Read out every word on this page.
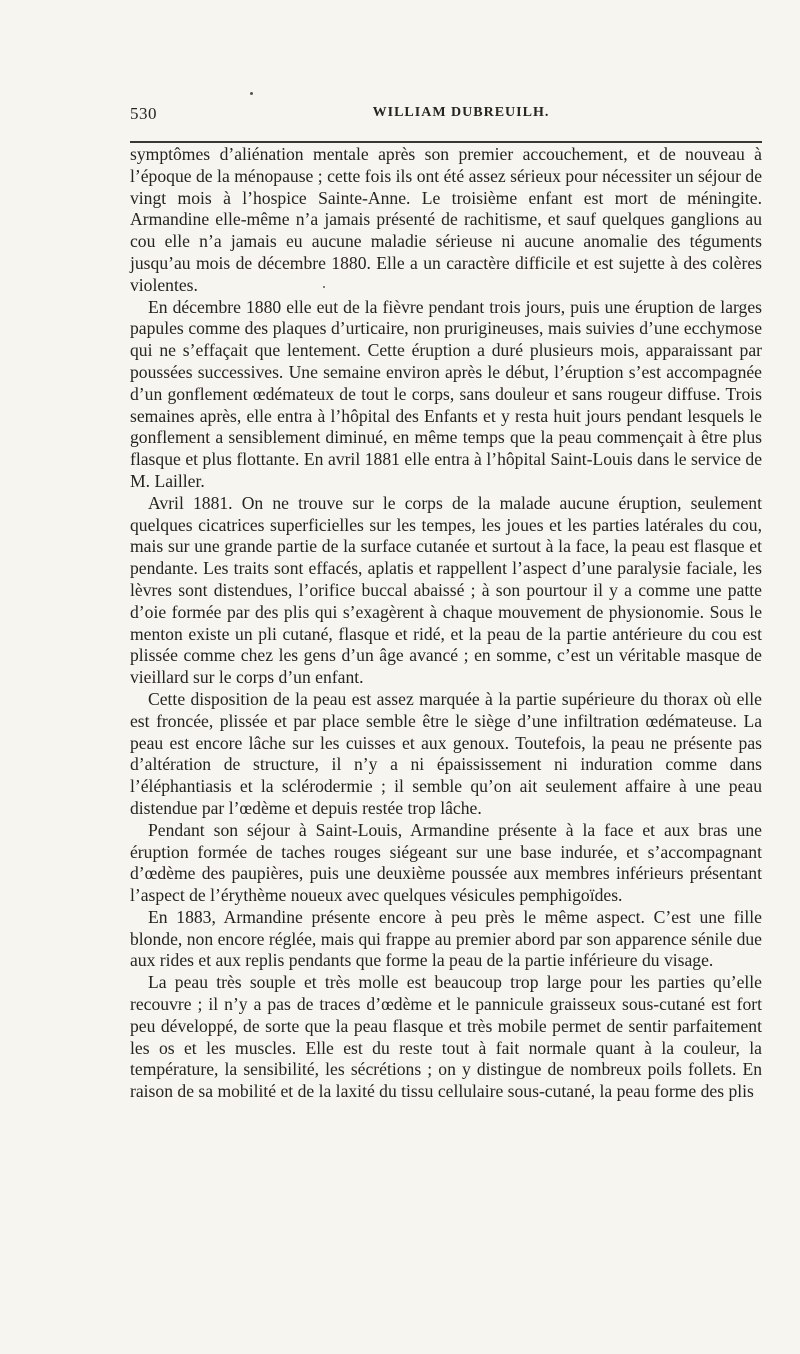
530	WILLIAM DUBREUILH.

symptômes d’aliénation mentale après son premier accouchement, et de nouveau à l’époque de la ménopause ; cette fois ils ont été assez sérieux pour nécessiter un séjour de vingt mois à l’hospice Sainte-Anne. Le troisième enfant est mort de méningite. Armandine elle-même n’a jamais présenté de rachitisme, et sauf quelques ganglions au cou elle n’a jamais eu aucune maladie sérieuse ni aucune anomalie des téguments jusqu’au mois de décembre 1880. Elle a un caractère difficile et est sujette à des colères violentes.

En décembre 1880 elle eut de la fièvre pendant trois jours, puis une éruption de larges papules comme des plaques d’urticaire, non prurigineuses, mais suivies d’une ecchymose qui ne s’effaçait que lentement. Cette éruption a duré plusieurs mois, apparaissant par poussées successives. Une semaine environ après le début, l’éruption s’est accompagnée d’un gonflement œdémateux de tout le corps, sans douleur et sans rougeur diffuse. Trois semaines après, elle entra à l’hôpital des Enfants et y resta huit jours pendant lesquels le gonflement a sensiblement diminué, en même temps que la peau commençait à être plus flasque et plus flottante. En avril 1881 elle entra à l’hôpital Saint-Louis dans le service de M. Lailler.

Avril 1881. On ne trouve sur le corps de la malade aucune éruption, seulement quelques cicatrices superficielles sur les tempes, les joues et les parties latérales du cou, mais sur une grande partie de la surface cutanée et surtout à la face, la peau est flasque et pendante. Les traits sont effacés, aplatis et rappellent l’aspect d’une paralysie faciale, les lèvres sont distendues, l’orifice buccal abaissé ; à son pourtour il y a comme une patte d’oie formée par des plis qui s’exagèrent à chaque mouvement de physionomie. Sous le menton existe un pli cutané, flasque et ridé, et la peau de la partie antérieure du cou est plissée comme chez les gens d’un âge avancé ; en somme, c’est un véritable masque de vieillard sur le corps d’un enfant.

Cette disposition de la peau est assez marquée à la partie supérieure du thorax où elle est froncée, plissée et par place semble être le siège d’une infiltration œdémateuse. La peau est encore lâche sur les cuisses et aux genoux. Toutefois, la peau ne présente pas d’altération de structure, il n’y a ni épaississement ni induration comme dans l’éléphantiasis et la sclérodermie ; il semble qu’on ait seulement affaire à une peau distendue par l’œdème et depuis restée trop lâche.

Pendant son séjour à Saint-Louis, Armandine présente à la face et aux bras une éruption formée de taches rouges siégeant sur une base indurée, et s’accompagnant d’œdème des paupières, puis une deuxième poussée aux membres inférieurs présentant l’aspect de l’érythème noueux avec quelques vésicules pemphigoïdes.

En 1883, Armandine présente encore à peu près le même aspect. C’est une fille blonde, non encore réglée, mais qui frappe au premier abord par son apparence sénile due aux rides et aux replis pendants que forme la peau de la partie inférieure du visage.

La peau très souple et très molle est beaucoup trop large pour les parties qu’elle recouvre ; il n’y a pas de traces d’œdème et le pannicule graisseux sous-cutané est fort peu développé, de sorte que la peau flasque et très mobile permet de sentir parfaitement les os et les muscles. Elle est du reste tout à fait normale quant à la couleur, la température, la sensibilité, les sécrétions ; on y distingue de nombreux poils follets. En raison de sa mobilité et de la laxité du tissu cellulaire sous-cutané, la peau forme des plis
